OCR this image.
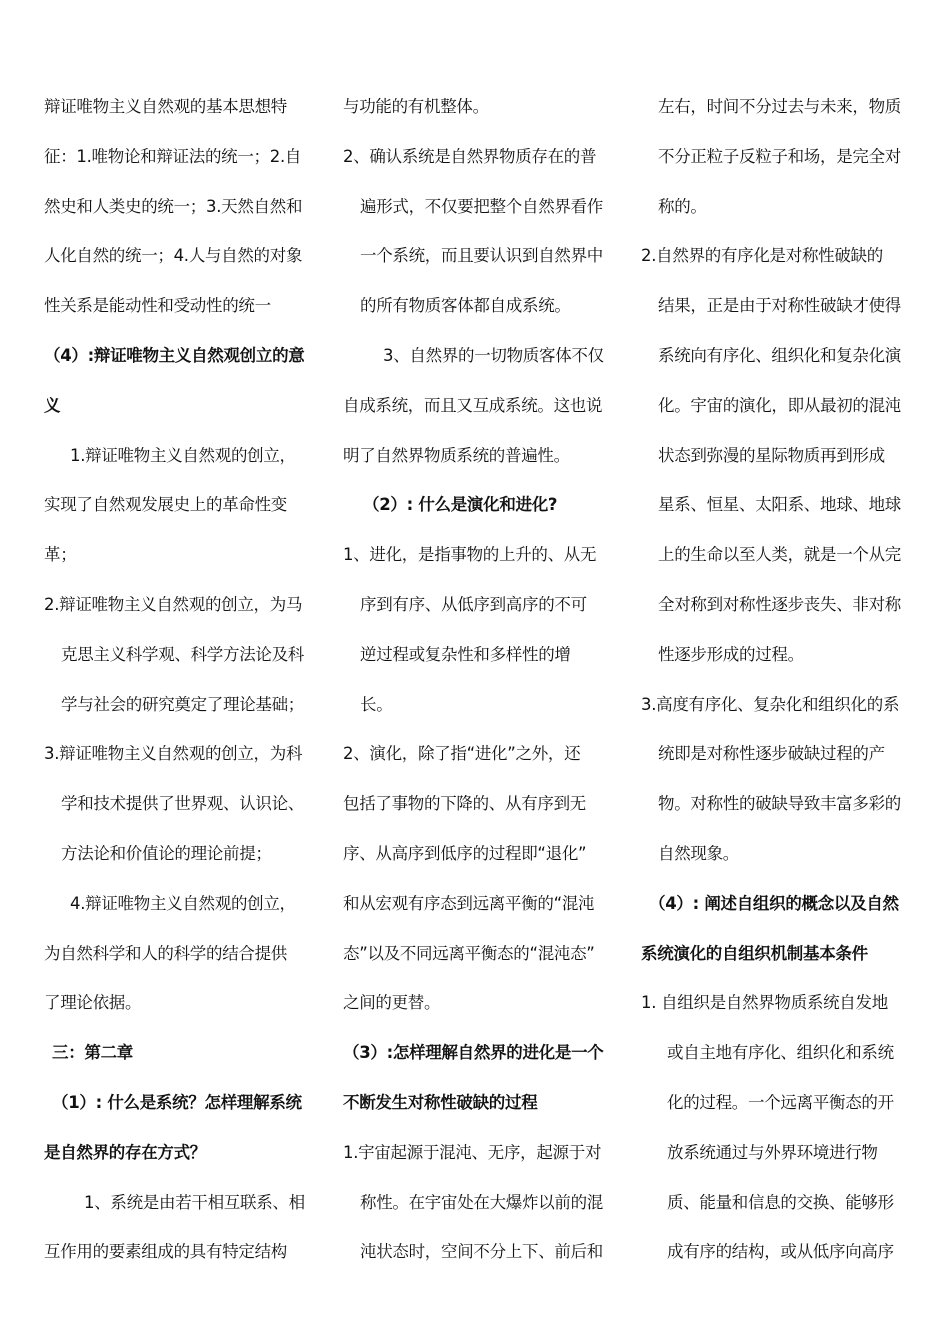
辩证唯物主义自然观的基本思想特
征：1.唯物论和辩证法的统一；2.自
然史和人类史的统一；3.天然自然和
人化自然的统一；4.人与自然的对象
性关系是能动性和受动性的统一
（4）:辩证唯物主义自然观创立的意
义
1.辩证唯物主义自然观的创立，
实现了自然观发展史上的革命性变
革；
2.辩证唯物主义自然观的创立，为马
克思主义科学观、科学方法论及科
学与社会的研究奠定了理论基础；
3.辩证唯物主义自然观的创立，为科
学和技术提供了世界观、认识论、
方法论和价值论的理论前提；
4.辩证唯物主义自然观的创立，
为自然科学和人的科学的结合提供
了理论依据。
三：第二章
（1）: 什么是系统？怎样理解系统
是自然界的存在方式？
1、系统是由若干相互联系、相
互作用的要素组成的具有特定结构
与功能的有机整体。
2、确认系统是自然界物质存在的普
遍形式，不仅要把整个自然界看作
一个系统，而且要认识到自然界中
的所有物质客体都自成系统。
3、自然界的一切物质客体不仅
自成系统，而且又互成系统。这也说
明了自然界物质系统的普遍性。
（2）: 什么是演化和进化?
1、进化，是指事物的上升的、从无
序到有序、从低序到高序的不可
逆过程或复杂性和多样性的增
长。
2、演化，除了指“进化”之外，还
包括了事物的下降的、从有序到无
序、从高序到低序的过程即“退化”
和从宏观有序态到远离平衡的“混沌
态”以及不同远离平衡态的“混沌态”
之间的更替。
（3）:怎样理解自然界的进化是一个
不断发生对称性破缺的过程
1.宇宙起源于混沌、无序，起源于对
称性。在宇宙处在大爆炸以前的混
沌状态时，空间不分上下、前后和
左右，时间不分过去与未来，物质
不分正粒子反粒子和场，是完全对
称的。
2.自然界的有序化是对称性破缺的
结果，正是由于对称性破缺才使得
系统向有序化、组织化和复杂化演
化。宇宙的演化，即从最初的混沌
状态到弥漫的星际物质再到形成
星系、恒星、太阳系、地球、地球
上的生命以至人类，就是一个从完
全对称到对称性逐步丧失、非对称
性逐步形成的过程。
3.高度有序化、复杂化和组织化的系
统即是对称性逐步破缺过程的产
物。对称性的破缺导致丰富多彩的
自然现象。
（4）: 阐述自组织的概念以及自然
系统演化的自组织机制基本条件
1. 自组织是自然界物质系统自发地
或自主地有序化、组织化和系统
化的过程。一个远离平衡态的开
放系统通过与外界环境进行物
质、能量和信息的交换、能够形
成有序的结构，或从低序向高序
